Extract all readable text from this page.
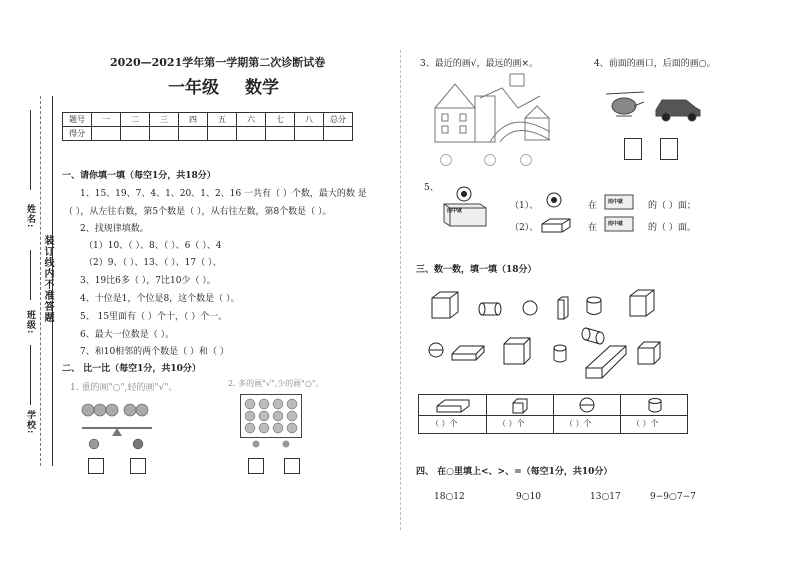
姓名:
班级:
学校:
装订线内不准答题
2020—2021学年第一学期第二次诊断试卷
一年级 数学
题号	一	二	三	四	五	六	七	八	总分
得分									
一、请你填一填（每空1分，共18分）
1、15、19、7、4、1、20、1、2、16 一共有（ ）个数，最大的数 是
（ ），从左往右数，第5个数是（ ），从右往左数，第8个数是（ ）。
2、找规律填数。
（1）10、（ ）、8、（ ）、6（ ）、4
（2）9、（ ）、13、（ ）、17（ ）、
3、19比6多（ ），7比10少（ ）。
4、十位是1，个位是8，这个数是（ ）。
5、 15里面有（ ）个十，（ ）个一。
6、最大一位数是（ ）。
7、和10相邻的两个数是（ ）和（ ）
二、 比一比（每空1分，共10分）
1. 重的画"○",轻的画"√"。	2. 多的画"√",少的画"○"。
3、最近的画√，最远的画×。	4、前面的画口，后面的画○。
5、
雨中就	（1）、	在 雨中就	的（ ）面；
（2）、	在 雨中就	的（ ）面。
三、数一数，填一填（18分）
（ ）个	（ ）个	（ ）个	（ ）个
四、 在○里填上<、>、=（每空1分，共10分）
18○12	9○10	13○17	9−9○7−7
